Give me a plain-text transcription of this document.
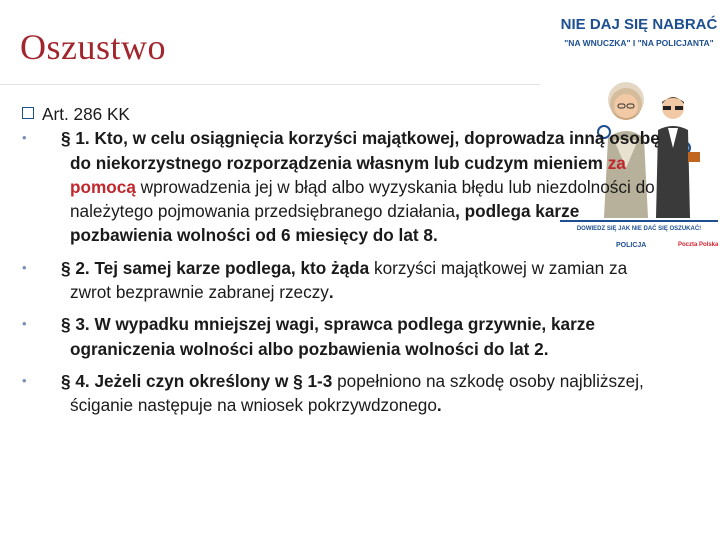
Oszustwo
NIE DAJ SIĘ NABRAĆ
"NA WNUCZKA" I "NA POLICJANTA"
DOWIEDZ SIĘ JAK NIE DAĆ SIĘ OSZUKAĆ!
POLICJA	Poczta Polska
Art. 286 KK
• § 1. Kto, w celu osiągnięcia korzyści majątkowej, doprowadza inną osobę do niekorzystnego rozporządzenia własnym lub cudzym mieniem za pomocą wprowadzenia jej w błąd albo wyzyskania błędu lub niezdolności do należytego pojmowania przedsiębranego działania, podlega karze pozbawienia wolności od 6 miesięcy do lat 8.
• § 2. Tej samej karze podlega, kto żąda korzyści majątkowej w zamian za zwrot bezprawnie zabranej rzeczy.
• § 3. W wypadku mniejszej wagi, sprawca podlega grzywnie, karze ograniczenia wolności albo pozbawienia wolności do lat 2.
• § 4. Jeżeli czyn określony w § 1-3 popełniono na szkodę osoby najbliższej, ściganie następuje na wniosek pokrzywdzonego.
